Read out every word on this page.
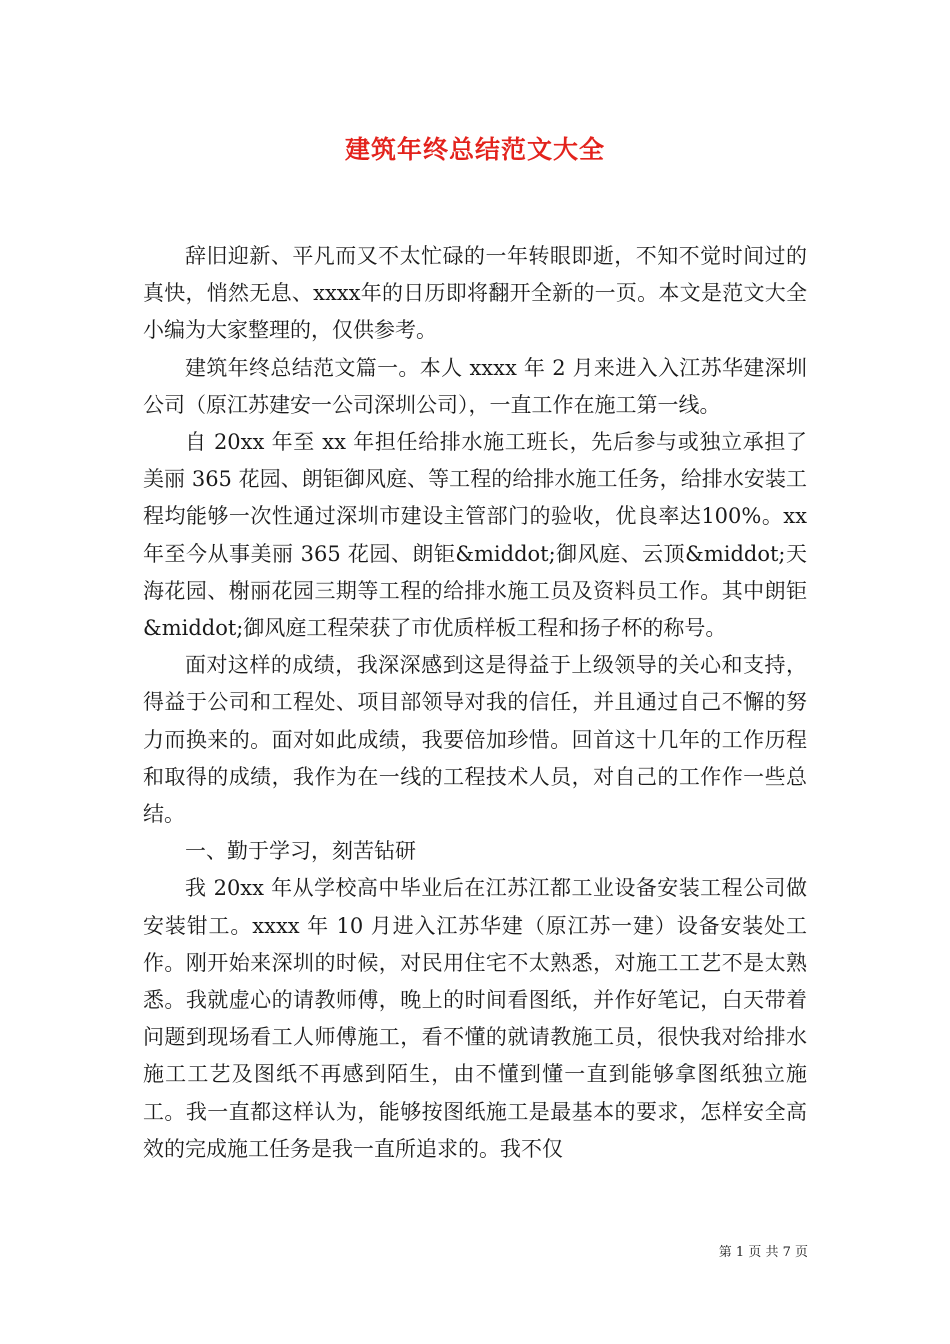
建筑年终总结范文大全

辞旧迎新、平凡而又不太忙碌的一年转眼即逝，不知不觉时间过的真快，悄然无息、xxxx年的日历即将翻开全新的一页。本文是范文大全小编为大家整理的，仅供参考。

建筑年终总结范文篇一。本人 xxxx 年 2 月来进入入江苏华建深圳公司（原江苏建安一公司深圳公司），一直工作在施工第一线。

自 20xx 年至 xx 年担任给排水施工班长，先后参与或独立承担了美丽 365 花园、朗钜御风庭、等工程的给排水施工任务，给排水安装工程均能够一次性通过深圳市建设主管部门的验收，优良率达100%。xx 年至今从事美丽 365 花园、朗钜&middot;御风庭、云顶&middot;天海花园、榭丽花园三期等工程的给排水施工员及资料员工作。其中朗钜&middot;御风庭工程荣获了市优质样板工程和扬子杯的称号。

面对这样的成绩，我深深感到这是得益于上级领导的关心和支持，得益于公司和工程处、项目部领导对我的信任，并且通过自己不懈的努力而换来的。面对如此成绩，我要倍加珍惜。回首这十几年的工作历程和取得的成绩，我作为在一线的工程技术人员，对自己的工作作一些总结。

一、勤于学习，刻苦钻研

我 20xx 年从学校高中毕业后在江苏江都工业设备安装工程公司做安装钳工。xxxx 年 10 月进入江苏华建（原江苏一建）设备安装处工作。刚开始来深圳的时候，对民用住宅不太熟悉，对施工工艺不是太熟悉。我就虚心的请教师傅，晚上的时间看图纸，并作好笔记，白天带着问题到现场看工人师傅施工，看不懂的就请教施工员，很快我对给排水施工工艺及图纸不再感到陌生，由不懂到懂一直到能够拿图纸独立施工。我一直都这样认为，能够按图纸施工是最基本的要求，怎样安全高效的完成施工任务是我一直所追求的。我不仅

第 1 页 共 7 页
